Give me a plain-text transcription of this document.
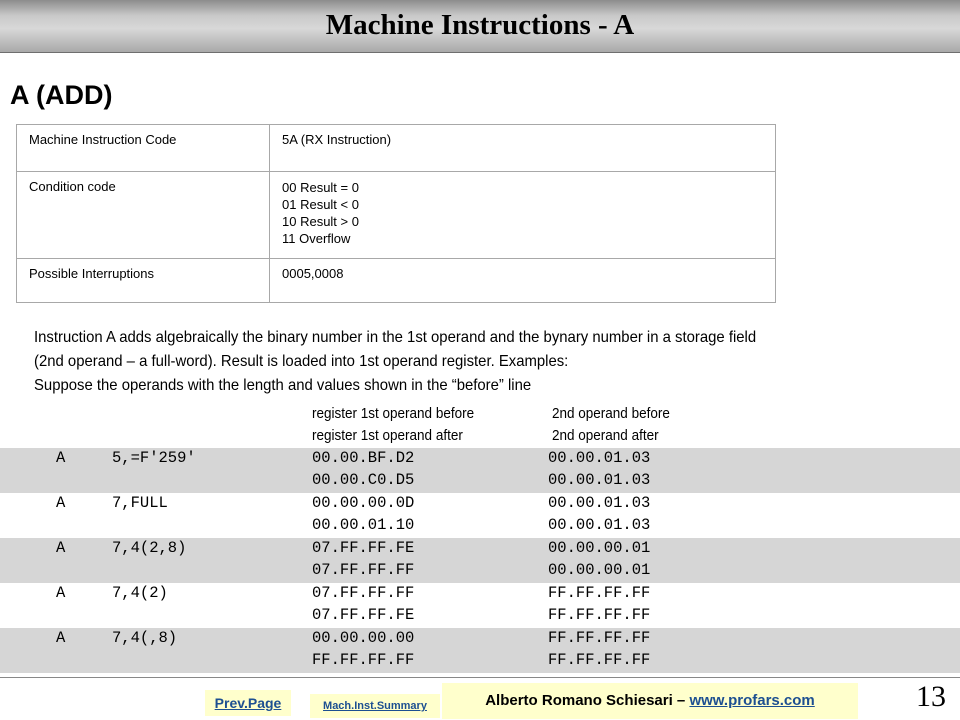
Machine Instructions - A
A (ADD)
Machine Instruction Code	5A (RX Instruction)
Condition code	00 Result = 0
01 Result < 0
10 Result > 0
11 Overflow

Possible Interruptions	0005,0008
Instruction A adds algebraically the binary number in the 1st operand and the bynary number in a storage field
(2nd operand – a full-word). Result is loaded into 1st operand register. Examples:
Suppose the operands with the length and values shown in the “before” line
register 1st operand before	2nd operand before
register 1st operand after	2nd operand after
A	5,=F'259'	00.00.BF.D2	00.00.01.03
00.00.C0.D5	00.00.01.03
A	7,FULL	00.00.00.0D	00.00.01.03
00.00.01.10	00.00.01.03
A	7,4(2,8)	07.FF.FF.FE	00.00.00.01
07.FF.FF.FF	00.00.00.01
A	7,4(2)	07.FF.FF.FF	FF.FF.FF.FF
07.FF.FF.FE	FF.FF.FF.FF
A	7,4(,8)	00.00.00.00	FF.FF.FF.FF
FF.FF.FF.FF	FF.FF.FF.FF
Prev.Page	Mach.Inst.Summary	Alberto Romano Schiesari – www.profars.com	13
